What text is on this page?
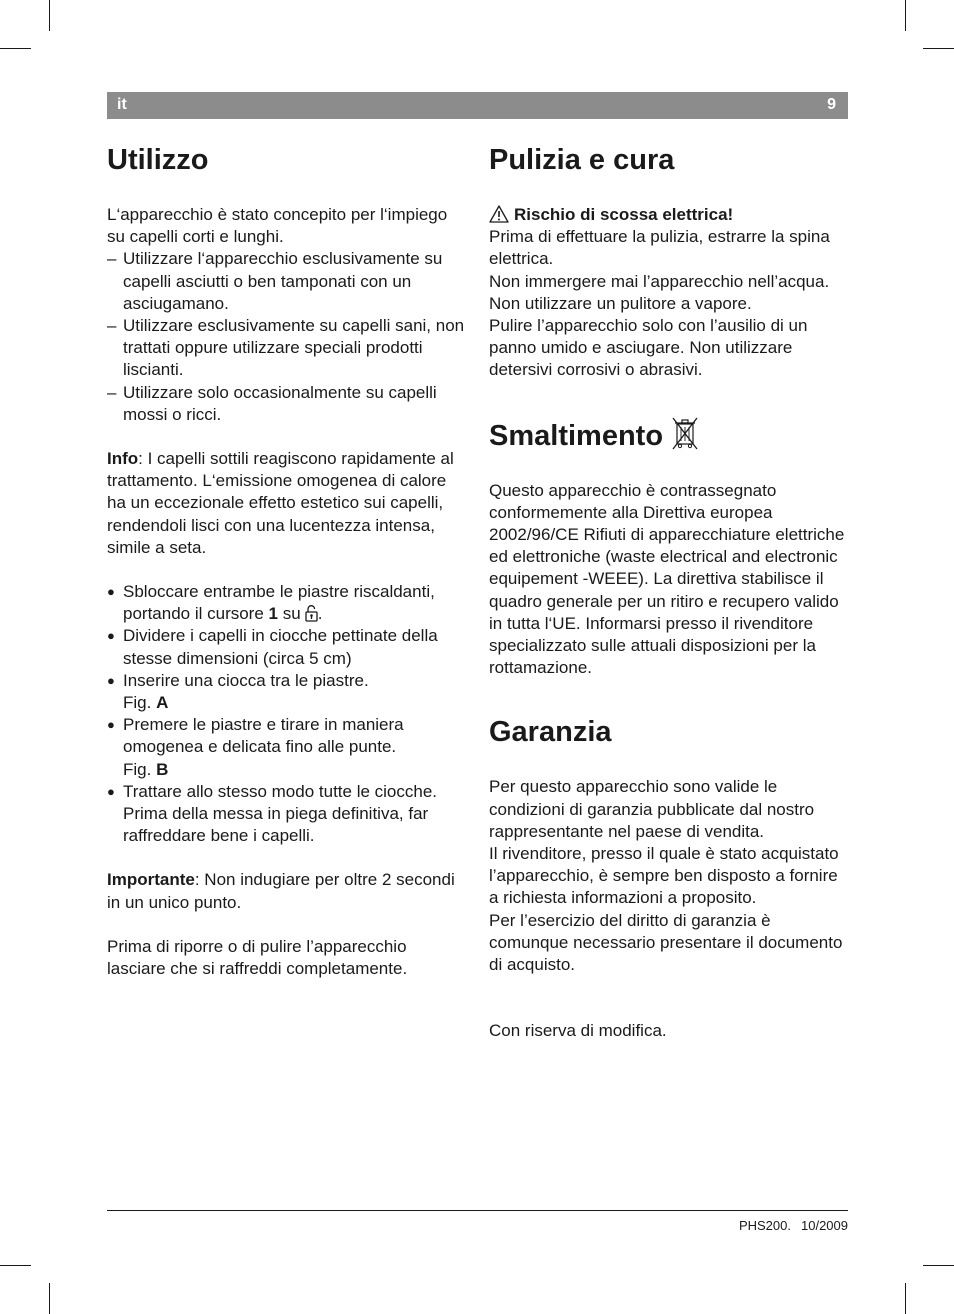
it	9
Utilizzo

L‘apparecchio è stato concepito per l‘impiego su capelli corti e lunghi.

– Utilizzare l‘apparecchio esclusivamente su capelli asciutti o ben tamponati con un asciugamano.
– Utilizzare esclusivamente su capelli sani, non trattati oppure utilizzare speciali prodotti liscianti.
– Utilizzare solo occasionalmente su capelli mossi o ricci.

Info: I capelli sottili reagiscono rapidamente al trattamento. L‘emissione omogenea di calore ha un eccezionale effetto estetico sui capelli, rendendoli lisci con una lucentezza intensa, simile a seta.

● Sbloccare entrambe le piastre riscaldanti, portando il cursore 1 su .
● Dividere i capelli in ciocche pettinate della stesse dimensioni (circa 5 cm)
● Inserire una ciocca tra le piastre.
Fig. A
● Premere le piastre e tirare in maniera omogenea e delicata fino alle punte.
Fig. B
● Trattare allo stesso modo tutte le ciocche. Prima della messa in piega definitiva, far raffreddare bene i capelli.

Importante: Non indugiare per oltre 2 secondi in un unico punto.

Prima di riporre o di pulire l’apparecchio lasciare che si raffreddi completamente.

Pulizia e cura

Rischio di scossa elettrica!

Prima di effettuare la pulizia, estrarre la spina elettrica.

Non immergere mai l’apparecchio nell’acqua.

Non utilizzare un pulitore a vapore.

Pulire l’apparecchio solo con l’ausilio di un panno umido e asciugare. Non utilizzare detersivi corrosivi o abrasivi.

Smaltimento

Questo apparecchio è contrassegnato conformemente alla Direttiva europea 2002/96/CE Rifiuti di apparecchiature elettriche ed elettroniche (waste electrical and electronic equipement -WEEE). La direttiva stabilisce il quadro generale per un ritiro e recupero valido in tutta l‘UE. Informarsi presso il rivenditore specializzato sulle attuali disposizioni per la rottamazione.

Garanzia

Per questo apparecchio sono valide le condizioni di garanzia pubblicate dal nostro rappresentante nel paese di vendita.

Il rivenditore, presso il quale è stato acquistato l’apparecchio, è sempre ben disposto a fornire a richiesta informazioni a proposito.

Per l’esercizio del diritto di garanzia è comunque necessario presentare il documento di acquisto.

Con riserva di modifica.

PHS200. 10/2009
